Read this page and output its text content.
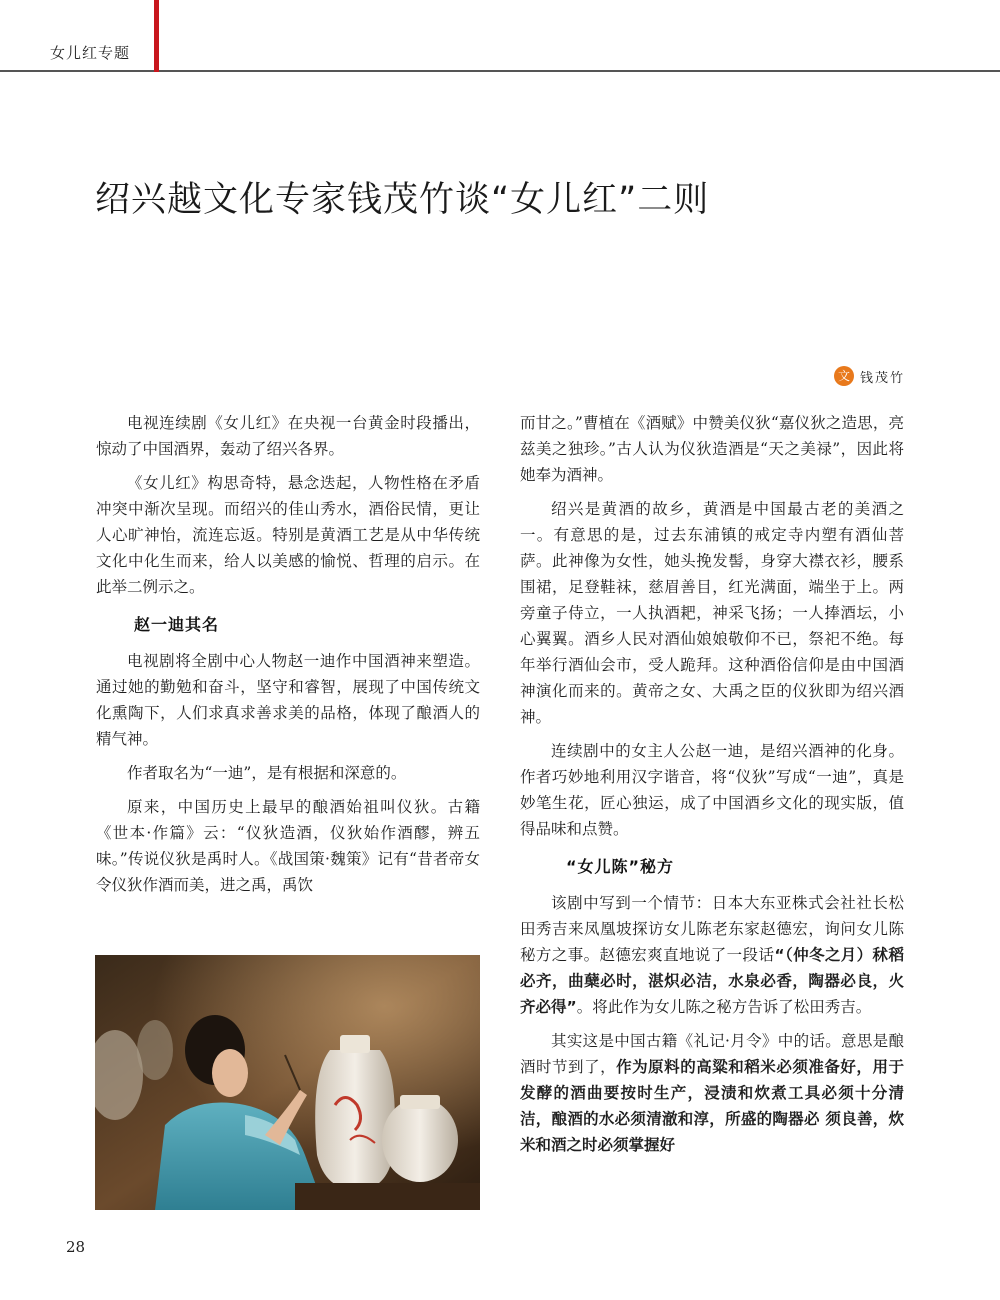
女儿红专题
绍兴越文化专家钱茂竹谈“女儿红”二则
文 钱茂竹

电视连续剧《女儿红》在央视一台黄金时段播出，惊动了中国酒界，轰动了绍兴各界。

《女儿红》构思奇特，悬念迭起，人物性格在矛盾冲突中渐次呈现。而绍兴的佳山秀水，酒俗民情，更让人心旷神怡，流连忘返。特别是黄酒工艺是从中华传统文化中化生而来，给人以美感的愉悦、哲理的启示。在此举二例示之。

赵一迪其名

电视剧将全剧中心人物赵一迪作中国酒神来塑造。通过她的勤勉和奋斗，坚守和睿智，展现了中国传统文化熏陶下，人们求真求善求美的品格，体现了酿酒人的精气神。

作者取名为“一迪”，是有根据和深意的。

原来，中国历史上最早的酿酒始祖叫仪狄。古籍《世本·作篇》云：“仪狄造酒，仪狄始作酒醪，辨五味。”传说仪狄是禹时人。《战国策·魏策》记有“昔者帝女令仪狄作酒而美，进之禹，禹饮

而甘之。”曹植在《酒赋》中赞美仪狄“嘉仪狄之造思，亮兹美之独珍。”古人认为仪狄造酒是“天之美禄”，因此将她奉为酒神。

绍兴是黄酒的故乡，黄酒是中国最古老的美酒之一。有意思的是，过去东浦镇的戒定寺内塑有酒仙菩萨。此神像为女性，她头挽发髻，身穿大襟衣衫，腰系围裙，足登鞋袜，慈眉善目，红光满面，端坐于上。两旁童子侍立，一人执酒耙，神采飞扬；一人捧酒坛，小心翼翼。酒乡人民对酒仙娘娘敬仰不已，祭祀不绝。每年举行酒仙会市，受人跪拜。这种酒俗信仰是由中国酒神演化而来的。黄帝之女、大禹之臣的仪狄即为绍兴酒神。

连续剧中的女主人公赵一迪，是绍兴酒神的化身。作者巧妙地利用汉字谐音，将“仪狄”写成“一迪”，真是妙笔生花，匠心独运，成了中国酒乡文化的现实版，值得品味和点赞。

“女儿陈”秘方

该剧中写到一个情节：日本大东亚株式会社社长松田秀吉来凤凰坡探访女儿陈老东家赵德宏，询问女儿陈秘方之事。赵德宏爽直地说了一段话“（仲冬之月）秫稻必齐，曲蘖必时，湛炽必洁，水泉必香，陶器必良，火齐必得”。将此作为女儿陈之秘方告诉了松田秀吉。

其实这是中国古籍《礼记·月令》中的话。意思是酿酒时节到了，作为原料的高粱和稻米必须准备好，用于发酵的酒曲要按时生产，浸渍和炊煮工具必须十分清洁，酿酒的水必须清澈和淳，所盛的陶器必 须良善，炊米和酒之时必须掌握好

28
